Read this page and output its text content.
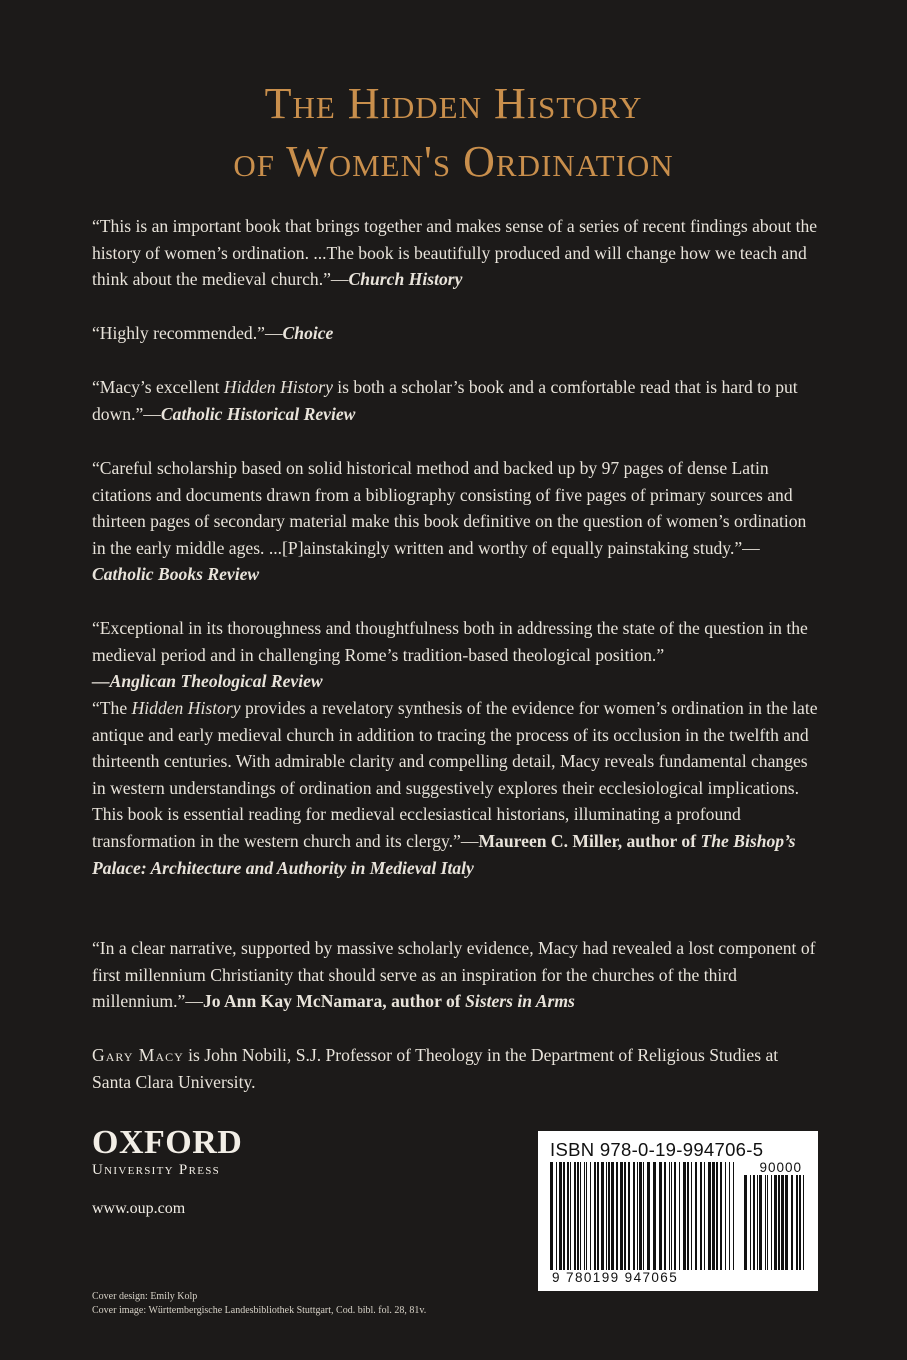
The Hidden History
of Women's Ordination
“This is an important book that brings together and makes sense of a series of recent findings about the history of women’s ordination. ...The book is beautifully produced and will change how we teach and think about the medieval church.”—Church History
“Highly recommended.”—Choice
“Macy’s excellent Hidden History is both a scholar’s book and a comfortable read that is hard to put down.”—Catholic Historical Review
“Careful scholarship based on solid historical method and backed up by 97 pages of dense Latin citations and documents drawn from a bibliography consisting of five pages of primary sources and thirteen pages of secondary material make this book definitive on the question of women’s ordination in the early middle ages. ...[P]ainstakingly written and worthy of equally painstaking study.”—Catholic Books Review
“Exceptional in its thoroughness and thoughtfulness both in addressing the state of the question in the medieval period and in challenging Rome’s tradition-based theological position.”
—Anglican Theological Review
“The Hidden History provides a revelatory synthesis of the evidence for women’s ordination in the late antique and early medieval church in addition to tracing the process of its occlusion in the twelfth and thirteenth centuries. With admirable clarity and compelling detail, Macy reveals fundamental changes in western understandings of ordination and suggestively explores their ecclesiological implications. This book is essential reading for medieval ecclesiastical historians, illuminating a profound transformation in the western church and its clergy.”—Maureen C. Miller, author of The Bishop’s Palace: Architecture and Authority in Medieval Italy
“In a clear narrative, supported by massive scholarly evidence, Macy had revealed a lost component of first millennium Christianity that should serve as an inspiration for the churches of the third millennium.”—Jo Ann Kay McNamara, author of Sisters in Arms
Gary Macy is John Nobili, S.J. Professor of Theology in the Department of Religious Studies at Santa Clara University.
OXFORD
University Press
www.oup.com
Cover design: Emily Kolp
Cover image: Württembergische Landesbibliothek Stuttgart, Cod. bibl. fol. 28, 81v.
ISBN 978-0-19-994706-5
90000
9 780199 947065
